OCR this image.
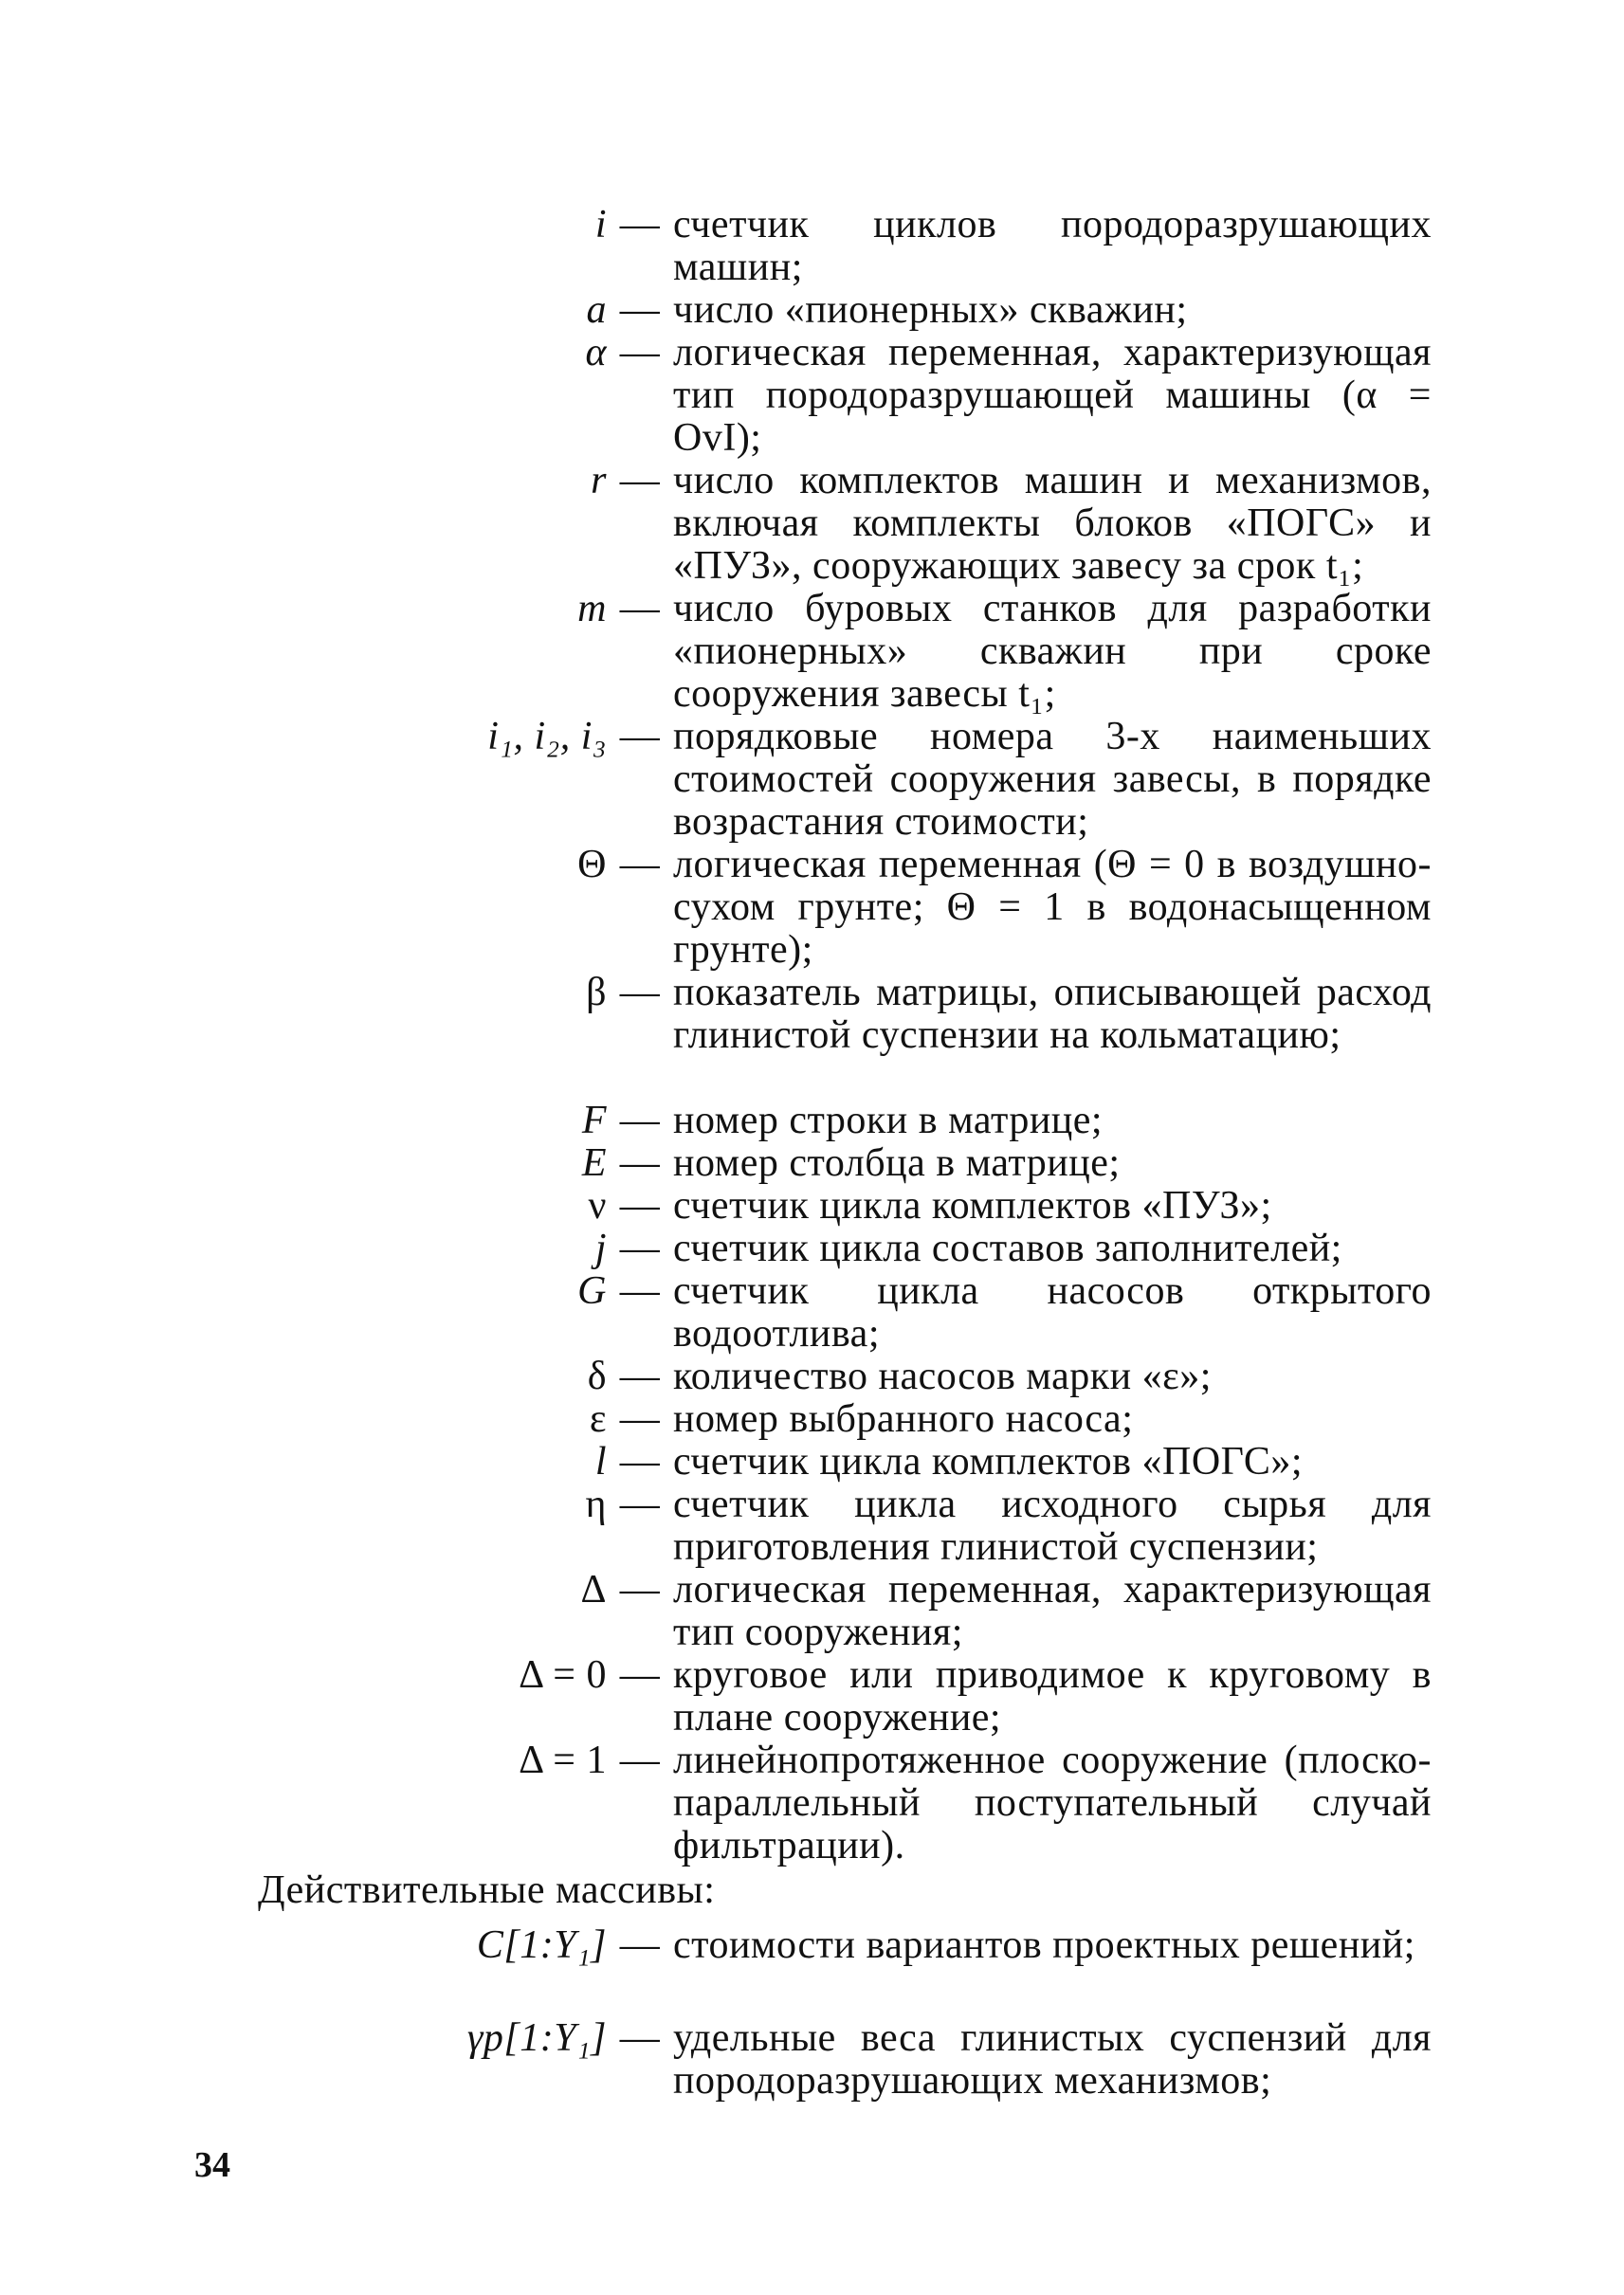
i — счетчик циклов породоразрушающих машин;
a — число «пионерных» скважин;
α — логическая переменная, характеризующая тип породоразрушающей машины (α = OvI);
r — число комплектов машин и механизмов, включая комплекты блоков «ПОГС» и «ПУЗ», сооружающих завесу за срок t₁;
m — число буровых станков для разработки «пионерных» скважин при сроке сооружения завесы t₁;
i₁, i₂, i₃ — порядковые номера 3-х наименьших стоимостей сооружения завесы, в порядке возрастания стоимости;
Θ — логическая переменная (Θ = 0 в воздушно-сухом грунте; Θ = 1 в водонасыщенном грунте);
β — показатель матрицы, описывающей расход глинистой суспензии на кольматацию;
F — номер строки в матрице;
E — номер столбца в матрице;
ν — счетчик цикла комплектов «ПУЗ»;
j — счетчик цикла составов заполнителей;
G — счетчик цикла насосов открытого водоотлива;
δ — количество насосов марки «ε»;
ε — номер выбранного насоса;
l — счетчик цикла комплектов «ПОГС»;
η — счетчик цикла исходного сырья для приготовления глинистой суспензии;
Δ — логическая переменная, характеризующая тип сооружения;
Δ = 0 — круговое или приводимое к круговому в плане сооружение;
Δ = 1 — линейнопротяженное сооружение (плоско-параллельный поступательный случай фильтрации).
Действительные массивы:
C[1:Y₁] — стоимости вариантов проектных решений;
γр[1:Y₁] — удельные веса глинистых суспензий для породоразрушающих механизмов;
34
